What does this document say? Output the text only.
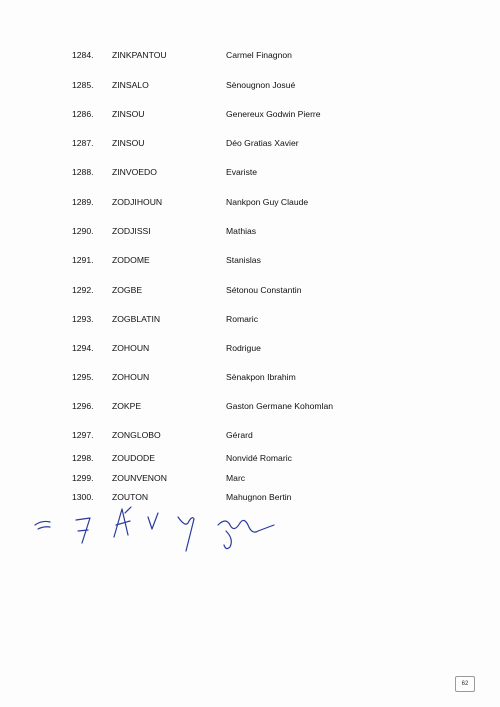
1284.	ZINKPANTOU	Carmel Finagnon
1285.	ZINSALO	Sènougnon Josué
1286.	ZINSOU	Genereux Godwin Pierre
1287.	ZINSOU	Déo Gratias Xavier
1288.	ZINVOEDO	Evariste
1289.	ZODJIHOUN	Nankpon Guy Claude
1290.	ZODJISSI	Mathias
1291.	ZODOME	Stanislas
1292.	ZOGBE	Sétonou Constantin
1293.	ZOGBLATIN	Romaric
1294.	ZOHOUN	Rodrigue
1295.	ZOHOUN	Sènakpon Ibrahim
1296.	ZOKPE	Gaston Germane Kohomlan
1297.	ZONGLOBO	Gérard
1298.	ZOUDODE	Nonvidé Romaric
1299.	ZOUNVENON	Marc
1300.	ZOUTON	Mahugnon Bertin
62
